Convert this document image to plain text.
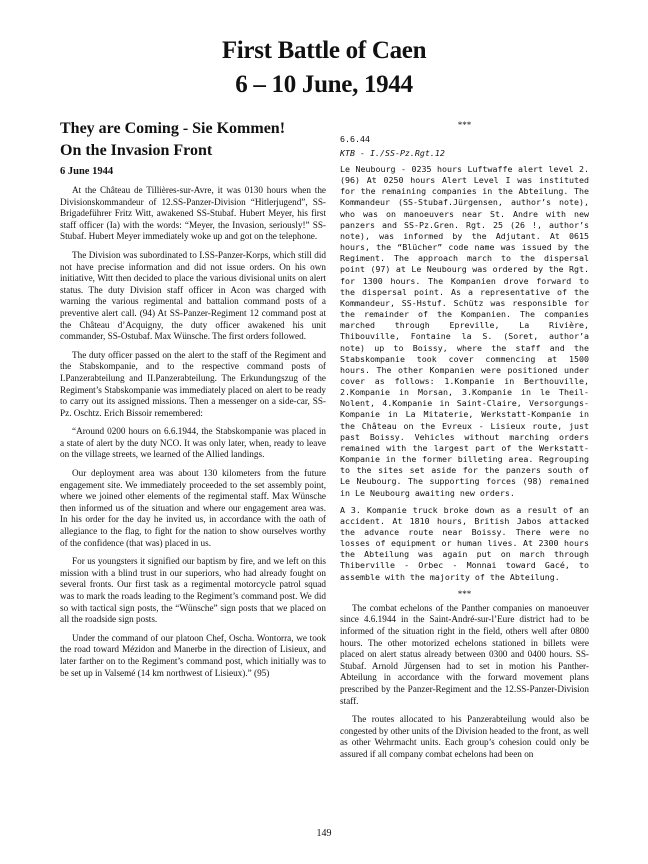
First Battle of Caen
6 – 10 June, 1944
They are Coming - Sie Kommen!
On the Invasion Front
6 June 1944

At the Château de Tillières-sur-Avre, it was 0130 hours when the Divisionskommandeur of 12.SS-Panzer-Division “Hitlerjugend”, SS-Brigadeführer Fritz Witt, awakened SS-Stubaf. Hubert Meyer, his first staff officer (Ia) with the words: “Meyer, the Invasion, seriously!” SS-Stubaf. Hubert Meyer immediately woke up and got on the telephone.

The Division was subordinated to I.SS-Panzer-Korps, which still did not have precise information and did not issue orders. On his own initiative, Witt then decided to place the various divisional units on alert status. The duty Division staff officer in Acon was charged with warning the various regimental and battalion command posts of a preventive alert call. (94) At SS-Panzer-Regiment 12 command post at the Château d’Acquigny, the duty officer awakened his unit commander, SS-Ostubaf. Max Wünsche. The first orders followed.

The duty officer passed on the alert to the staff of the Regiment and the Stabskompanie, and to the respective command posts of I.Panzerabteilung and II.Panzerabteilung. The Erkundungszug of the Regiment’s Stabskompanie was immediately placed on alert to be ready to carry out its assigned missions. Then a messenger on a side-car, SS-Pz. Oschtz. Erich Bissoir remembered:

“Around 0200 hours on 6.6.1944, the Stabskompanie was placed in a state of alert by the duty NCO. It was only later, when, ready to leave on the village streets, we learned of the Allied landings.

Our deployment area was about 130 kilometers from the future engagement site. We immediately proceeded to the set assembly point, where we joined other elements of the regimental staff. Max Wünsche then informed us of the situation and where our engagement area was. In his order for the day he invited us, in accordance with the oath of allegiance to the flag, to fight for the nation to show ourselves worthy of the confidence (that was) placed in us.

For us youngsters it signified our baptism by fire, and we left on this mission with a blind trust in our superiors, who had already fought on several fronts. Our first task as a regimental motorcycle patrol squad was to mark the roads leading to the Regiment’s command post. We did so with tactical sign posts, the “Wünsche” sign posts that we placed on all the roadside sign posts.

Under the command of our platoon Chef, Oscha. Wontorra, we took the road toward Mézidon and Manerbe in the direction of Lisieux, and later farther on to the Regiment’s command post, which initially was to be set up in Valsemé (14 km northwest of Lisieux).” (95)

***
6.6.44
KTB - I./SS-Pz.Rgt.12

Le Neubourg - 0235 hours Luftwaffe alert level 2. (96) At 0250 hours Alert Level I was instituted for the remaining companies in the Abteilung. The Kommandeur (SS-Stubaf.Jürgensen, author’s note), who was on manoeuvers near St. Andre with new panzers and SS-Pz.Gren. Rgt. 25 (26 !, author’s note), was informed by the Adjutant. At 0615 hours, the “Blücher” code name was issued by the Regiment. The approach march to the dispersal point (97) at Le Neubourg was ordered by the Rgt. for 1300 hours. The Kompanien drove forward to the dispersal point. As a representative of the Kommandeur, SS-Hstuf. Schütz was responsible for the remainder of the Kompanien. The companies marched through Epreville, La Rivière, Thibouville, Fontaine la S. (Soret, author’a note) up to Boissy, where the staff and the Stabskompanie took cover commencing at 1500 hours. The other Kompanien were positioned under cover as follows: 1.Kompanie in Berthouville, 2.Kompanie in Morsan, 3.Kompanie in le Theil-Nolent, 4.Kompanie in Saint-Claire, Versorgungs-Kompanie in La Mitaterie, Werkstatt-Kompanie in the Château on the Evreux - Lisieux route, just past Boissy. Vehicles without marching orders remained with the largest part of the Werkstatt-Kompanie in the former billeting area. Regrouping to the sites set aside for the panzers south of Le Neubourg. The supporting forces (98) remained in Le Neubourg awaiting new orders.

A 3. Kompanie truck broke down as a result of an accident. At 1810 hours, British Jabos attacked the advance route near Boissy. There were no losses of equipment or human lives. At 2300 hours the Abteilung was again put on march through Thiberville - Orbec - Monnai toward Gacé, to assemble with the majority of the Abteilung.

***

The combat echelons of the Panther companies on manoeuver since 4.6.1944 in the Saint-André-sur-l’Eure district had to be informed of the situation right in the field, others well after 0800 hours. The other motorized echelons stationed in billets were placed on alert status already between 0300 and 0400 hours. SS-Stubaf. Arnold Jürgensen had to set in motion his Panther-Abteilung in accordance with the forward movement plans prescribed by the Panzer-Regiment and the 12.SS-Panzer-Division staff.

The routes allocated to his Panzerabteilung would also be congested by other units of the Division headed to the front, as well as other Wehrmacht units. Each group’s cohesion could only be assured if all company combat echelons had been on

149
